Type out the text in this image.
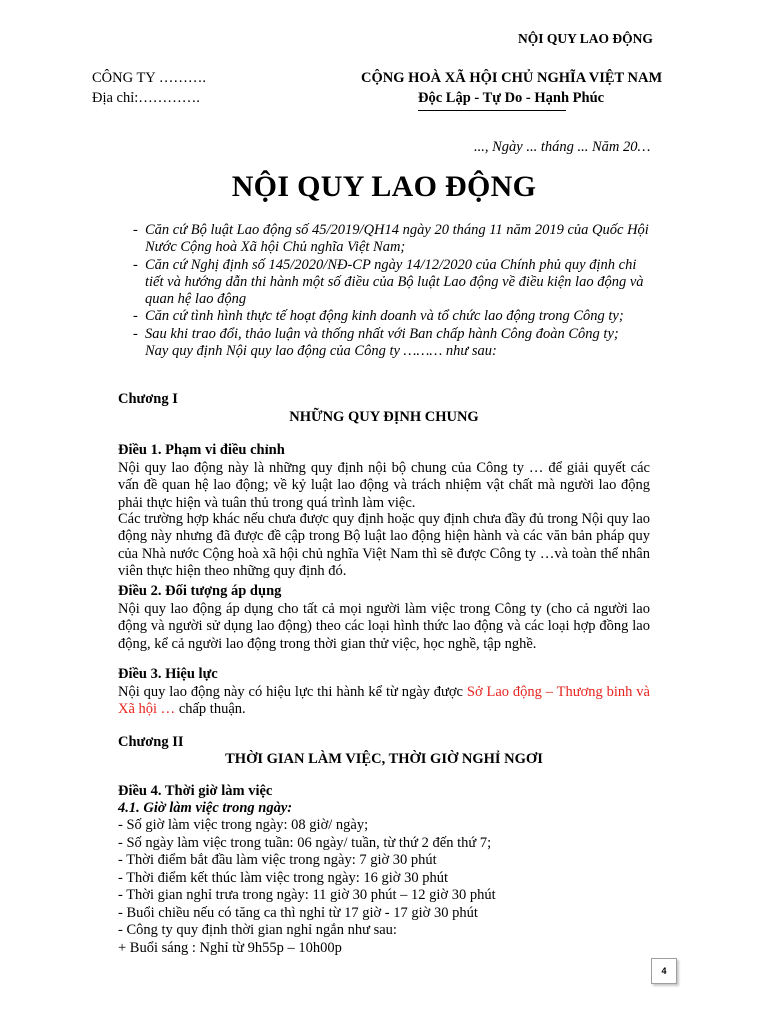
NỘI QUY LAO ĐỘNG
CÔNG TY ……….
Địa chỉ:………….
CỘNG HOÀ XÃ HỘI CHỦ NGHĨA VIỆT NAM
Độc Lập - Tự Do - Hạnh Phúc
..., Ngày ... tháng ... Năm 20…
NỘI QUY LAO ĐỘNG
- Căn cứ Bộ luật Lao động số 45/2019/QH14 ngày 20 tháng 11 năm 2019 của Quốc Hội Nước Cộng hoà Xã hội Chủ nghĩa Việt Nam;
- Căn cứ Nghị định số 145/2020/NĐ-CP ngày 14/12/2020 của Chính phủ quy định chi tiết và hướng dẫn thi hành một số điều của Bộ luật Lao động về điều kiện lao động và quan hệ lao động
- Căn cứ tình hình thực tế hoạt động kinh doanh và tổ chức lao động trong Công ty;
- Sau khi trao đổi, thảo luận và thống nhất với Ban chấp hành Công đoàn Công ty;
Nay quy định Nội quy lao động của Công ty ……… như sau:
Chương I
NHỮNG QUY ĐỊNH CHUNG
Điều 1. Phạm vi điều chỉnh
Nội quy lao động này là những quy định nội bộ chung của Công ty … để giải quyết các vấn đề quan hệ lao động; về kỷ luật lao động và trách nhiệm vật chất mà người lao động phải thực hiện và tuân thủ trong quá trình làm việc.
Các trường hợp khác nếu chưa được quy định hoặc quy định chưa đầy đủ trong Nội quy lao động này nhưng đã được đề cập trong Bộ luật lao động hiện hành và các văn bản pháp quy của Nhà nước Cộng hoà xã hội chủ nghĩa Việt Nam thì sẽ được Công ty …và toàn thể nhân viên thực hiện theo những quy định đó.
Điều 2. Đối tượng áp dụng
Nội quy lao động áp dụng cho tất cả mọi người làm việc trong Công ty (cho cả người lao động và người sử dụng lao động) theo các loại hình thức lao động và các loại hợp đồng lao động, kể cả người lao động trong thời gian thử việc, học nghề, tập nghề.
Điều 3. Hiệu lực
Nội quy lao động này có hiệu lực thi hành kể từ ngày được Sở Lao động – Thương binh và Xã hội … chấp thuận.
Chương II
THỜI GIAN LÀM VIỆC, THỜI GIỜ NGHỈ NGƠI
Điều 4. Thời giờ làm việc
4.1. Giờ làm việc trong ngày:
- Số giờ làm việc trong ngày: 08 giờ/ ngày;
- Số ngày làm việc trong tuần: 06 ngày/ tuần, từ thứ 2 đến thứ 7;
- Thời điểm bắt đầu làm việc trong ngày: 7 giờ 30 phút
- Thời điểm kết thúc làm việc trong ngày: 16 giờ 30 phút
- Thời gian nghỉ trưa trong ngày: 11 giờ 30 phút – 12 giờ 30 phút
- Buổi chiều nếu có tăng ca thì nghỉ từ 17 giờ - 17 giờ 30 phút
- Công ty quy định thời gian nghỉ ngắn như sau:
+ Buổi sáng : Nghỉ từ 9h55p – 10h00p
4
